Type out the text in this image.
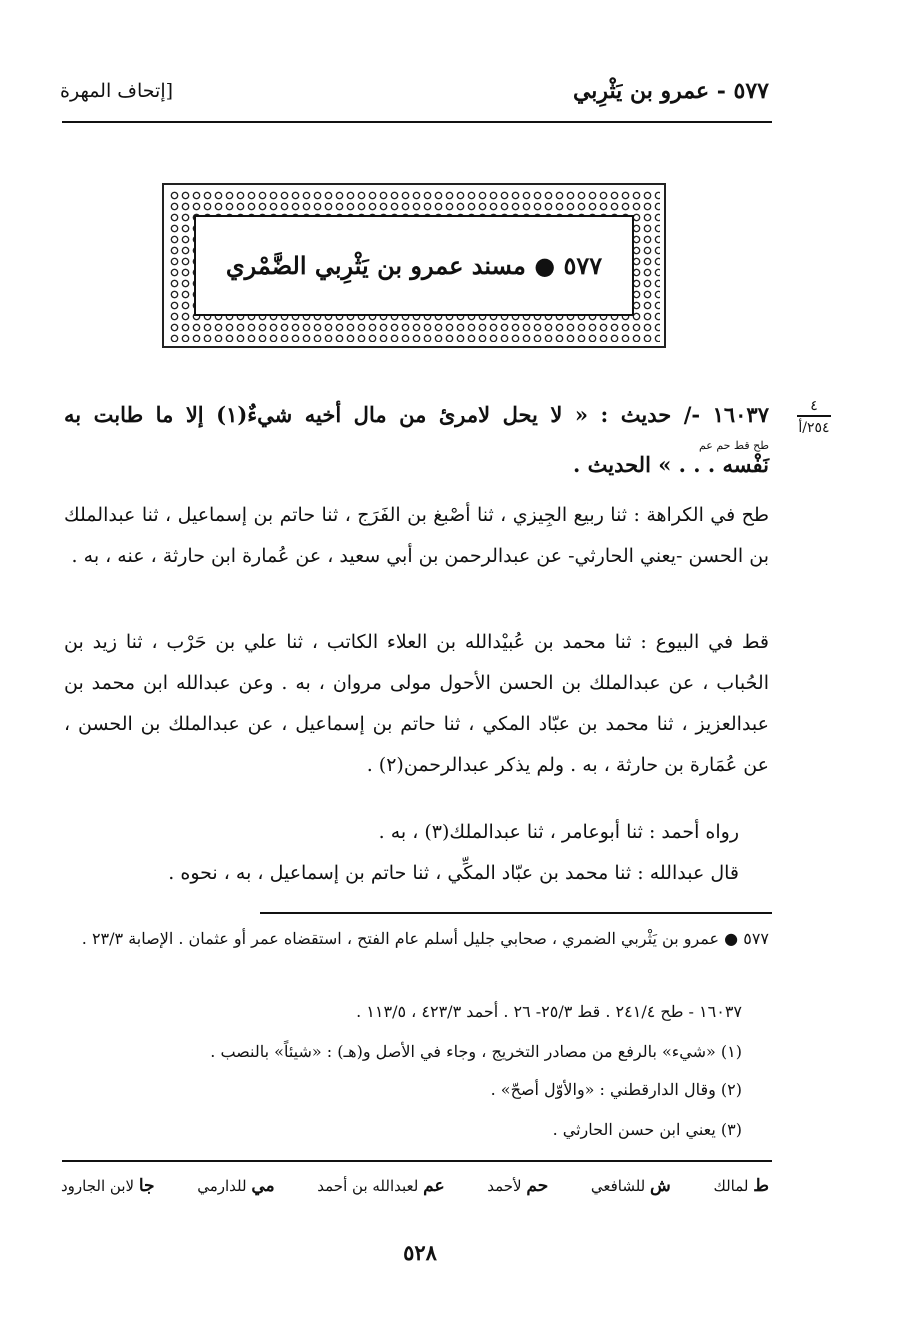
٥٧٧ - عمرو بن يَثْرِبي
[إتحاف المهرة
٥٧٧ ● مسند عمرو بن يَثْرِبي الضَّمْري
٤
٢٥٤/أ
١٦٠٣٧ -/ حديث : « لا يحل لامرئ من مال أخيه شيءٌ(١) إلا ما طابت به
طح قط حم عم
نَفْسه . . . » الحديث .
طح في الكراهة : ثنا ربيع الجِيزي ، ثنا أصْبغ بن الفَرَج ، ثنا حاتم بن إسماعيل ، ثنا عبدالملك بن الحسن -يعني الحارثي- عن عبدالرحمن بن أبي سعيد ، عن عُمارة ابن حارثة ، عنه ، به .
قط في البيوع : ثنا محمد بن عُبيْدالله بن العلاء الكاتب ، ثنا علي بن حَرْب ، ثنا زيد بن الحُباب ، عن عبدالملك بن الحسن الأحول مولى مروان ، به . وعن عبدالله ابن محمد بن عبدالعزيز ، ثنا محمد بن عبّاد المكي ، ثنا حاتم بن إسماعيل ، عن عبدالملك بن الحسن ، عن عُمَارة بن حارثة ، به . ولم يذكر عبدالرحمن(٢) .
رواه أحمد : ثنا أبوعامر ، ثنا عبدالملك(٣) ، به .
قال عبدالله : ثنا محمد بن عبّاد المكِّي ، ثنا حاتم بن إسماعيل ، به ، نحوه .
٥٧٧ ● عمرو بن يَثْربي الضمري ، صحابي جليل أسلم عام الفتح ، استقضاه عمر أو عثمان . الإصابة ٢٣/٣ .
١٦٠٣٧ - طح ٢٤١/٤ . قط ٢٥/٣- ٢٦ . أحمد ٤٢٣/٣ ، ١١٣/٥ .
(١) «شيء» بالرفع من مصادر التخريج ، وجاء في الأصل و(هـ) : «شيئاً» بالنصب .
(٢) وقال الدارقطني : «والأوّل أصحّ» .
(٣) يعني ابن حسن الحارثي .
ط لمالك
ش للشافعي
حم لأحمد
عم لعبدالله بن أحمد
مي للدارمي
جا لابن الجارود
٥٢٨
